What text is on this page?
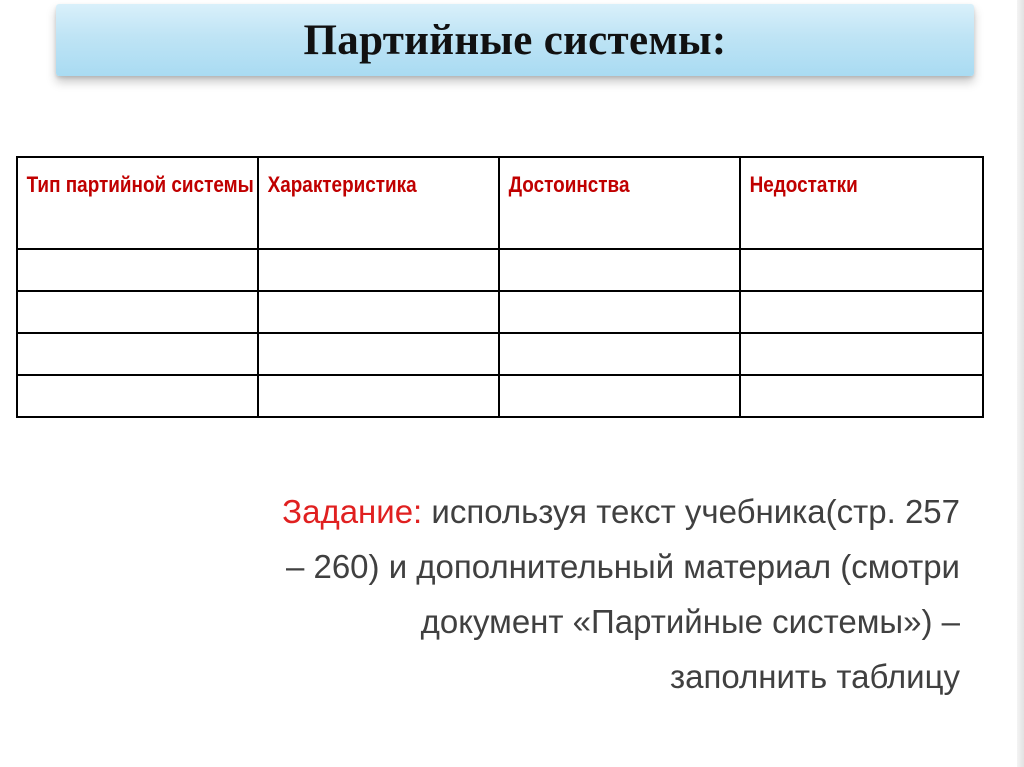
Партийные системы:
Тип партийной системы	Характеристика	Достоинства	Недостатки

Задание: используя текст учебника(стр. 257
– 260) и дополнительный материал (смотри
документ «Партийные системы») –
заполнить таблицу
